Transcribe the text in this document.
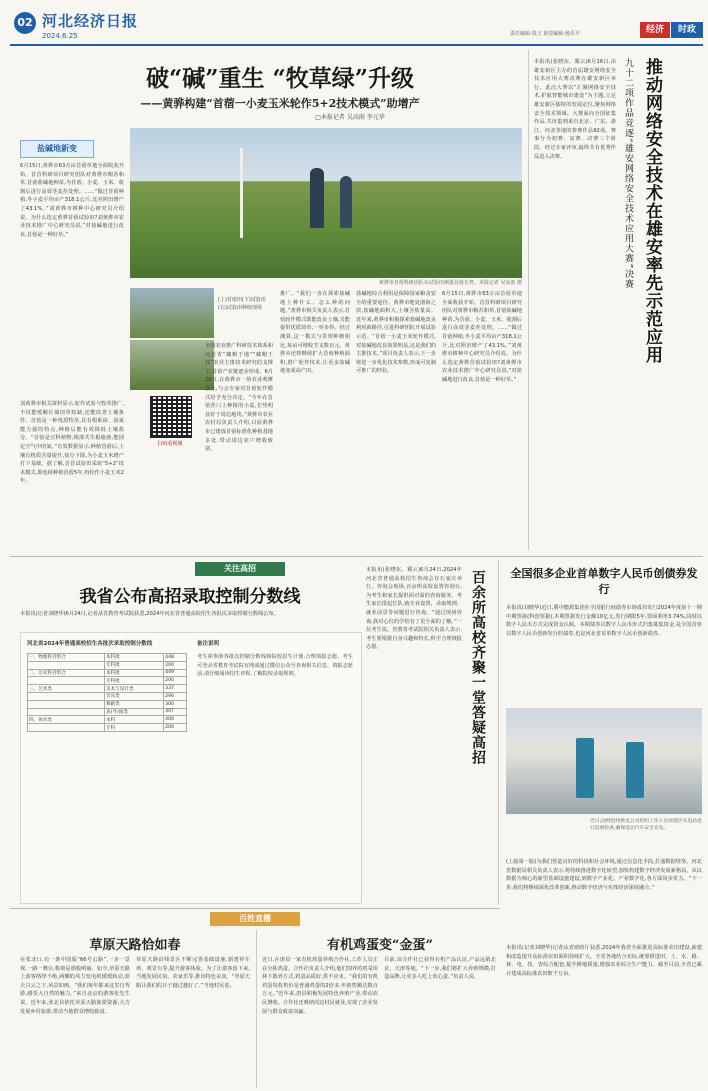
02 河北经济日报
2024.6.25	责任编辑:钱玉 视觉编辑:杨乐平	经济	时政
破“碱”重生 “牧草绿”升级
——黄骅构建“首蓿一小麦玉米轮作5+2技术模式”助增产
□本报记者 吴高雨 李元华
盐碱地新变
6月15日,黄骅市63万亩苜蓿草地全面收获开始。首苜科研项目研究团队对黄骅市粮苏和草,苜蓿盐碱地种苗,为苜蓿、小麦、玉米、收割后进行高效茎麦茬处理。……“做过苜蓿种植,冬小麦平均亩产318.1公斤,比对照田增产了43.1%。”刘黄骅市耕种中心研究员介绍说。为什么选定黄骅苜蓿试验田?刘黄骅市农业技术推广中心研究员说,“对盐碱地进行改良,苜蓿是一种好草。”
黄骅市苜蓿科研团队在试验田测量苜蓿长势。本报记者 吴高雨 摄
刘黄骅市相关资料显示,轮作试验与牧草推广,不仅能缓解区域饲草短缺,还能改善土壤条件。首蓿是一种优质牧草,具有根系深、固氮能力强的特点,种植后能有效降低土壤盐分。“苜蓿是豆科植物,根部共生根瘤菌,能固定空气中的氮。”有效数据显示,种植苜蓿后,土壤有机质含量提升,盐分下降,为小麦玉米增产打下基础。据了解,首苜试验田采取“5+2”技术模式,即连续种植苜蓿5年,再轮作小麦玉米2年。
(上)苜蓿田(下)试验田
(右)试验田种植现场
扫码看视频
全国农业推广科研技术体系和河北省“藏粮于地”“藏粮于技”农业主推技术研究的支撑下,苜蓿产业链逐步形成。6月20日,在黄骅市一场农业观摩会上,与会专家对苜蓿轮作模式给予充分肯定。“今年在苜蓿茬口上种植的小麦,长势明显好于周边地块。”黄骅市农业农村局负责人介绍,目前黄骅市已建成苜蓿标准化种植基地多处,带动周边农户增收致富。
推广。“我们一直在探索盐碱地上种什么、怎么种的问题。”黄骅市相关负责人表示,苜蓿轮作模式既能改良土壤,又能提供优质饲草,一举多得。经过测算,这一模式与常规种植相比,每亩可增收节支数百元。黄骅市还将继续扩大苜蓿种植面积,推广轮作技术,让更多盐碱地变成高产田。
盐碱地综合利用是保障国家粮食安全的重要途径。黄骅市地处渤海之滨,盐碱地面积大,土壤含盐量高。近年来,黄骅市积极探索盐碱地改良利用新路径,引进科研团队开展试验示范。“苜蓿一小麦玉米轮作模式,对盐碱地改良效果明显,这是我们的主推技术。”项目负责人表示,下一步将进一步优化技术参数,形成可复制可推广的经验。
6月15日,黄骅市63万亩苜蓿草地全面收获开始。首苜科研项目研究团队对黄骅市粮苏和草,苜蓿盐碱地种苗,为苜蓿、小麦、玉米、收割后进行高效茎麦茬处理。……“做过苜蓿种植,冬小麦平均亩产318.1公斤,比对照田增产了43.1%。”刘黄骅市耕种中心研究员介绍说。为什么选定黄骅苜蓿试验田?刘黄骅市农业技术推广中心研究员说,“对盐碱地进行改良,苜蓿是一种好草。”
本报讯(张晓东、冀云)6月16日,由雄安新区主办的首届雄安网络安全技术应用大赛决赛在雄安新区举行。此次大赛以“汇聚网络安全技术,护航智能城市建设”为主题,立足雄安新区独特的发展定位,聚焦网络安全技术领域。大赛面向全国征集作品,共征集到来自北京、广东、浙江、河北等地的参赛作品92项。赛事分为初赛、复赛、决赛三个阶段。经过专家评审,最终共有优秀作品进入决赛。	九十二项作品竞逐“雄安网络安全技术应用大赛”决赛 推动网络安全技术在雄安率先示范应用
关注高招
我省公布高招录取控制分数线
本报讯(记者刘晓华)6月24日,记者从省教育考试院获悉,2024年河北省普通高校招生各批次录取控制分数线公布。
河北省2024年普通高校招生各批次录取控制分数线
一、物理科目组合	本科批	448
	专科批	200
二、历史科目组合	本科批	449
	专科批	200
三、艺术类	美术与设计类	337
	音乐类	290
	舞蹈类	300
	表(导)演类	307
四、体育类	本科	400
	专科	200
备注说明
考生须参照各批次控制分数线和院校招生计划,合理填报志愿。考生可登录省教育考试院官网或通过微信公众号查询相关信息。填报志愿前,请仔细阅读招生章程,了解院校录取规则。
本报讯(张晓东、冀云)6月24日,2024年河北省普通高校招生咨询会在石家庄举行。咨询会现场,百余所高校设置咨询台,为考生和家长提供面对面的咨询服务。考生家长排起长队,就专业设置、录取规则、就业前景等问题进行咨询。“通过现场咨询,我对心仪的学校有了更全面的了解。”一位考生说。省教育考试院相关负责人表示,考生要根据自身兴趣和特长,科学合理填报志愿。	百余所高校齐聚一堂答疑高招	全国很多企业首单数字人民币创债券发行
本报讯(刘晓华)近日,冀中能源集团在全国银行间债券市场成功发行2024年度第十一期中期票据(科创票据),本期票据发行金额10亿元,发行期限5年,票面利率3.74%,同时以数字人民币方式完成资金认购。本期债券以数字人民币形式归集募集资金,是全国首单以数字人民币创新发行的债券,也是河北省首单数字人民币创新债券。
近日,国网沧州供电公司组织工作人员对辖区充电站进行巡视检查,确保电动汽车安全充电。
(上接第一版)为我们营造良好的科技和社会环境,通过信息化手段,打通数据壁垒。河北省数据局相关负责人表示,将持续推进数字化转型,加快构建数字经济发展新格局。从以数据为核心的新型基础设施建设,到数字产业化、产业数字化,各方面同步发力。“下一步,我们将继续深化改革创新,推动数字经济与实体经济深度融合。”
百姓直播
草原天路恰如春
在张北口,有一条中国版“66号公路”,一步一景观,一路一舞台,称境是那般明丽。如今,草原天路上游客络绎不绝,两侧的风力发电机缓缓转动,蓝天白云之下,风景如画。“我们每年都来这里自驾游,感受大自然的魅力。”来自北京的游客张先生说。近年来,张北县依托草原天路旅游资源,大力发展乡村旅游,带动当地群众增收致富。
草原天路沿线景区不断完善基础设施,新建停车场、观景台等,提升游客体验。为了让游客留下来,当地发展民宿、农家乐等,推出特色美食。“草原天路让我们的日子越过越好了。”当地村民说。
有机鸡蛋变“金蛋”
近日,在唐县一家有机鸡蛋养殖合作社,工作人员正在分拣鸡蛋。合作社负责人介绍,他们饲养的鸡采用林下散养方式,鸡蛋品质好,供不应求。“我们的有机鸡蛋每枚售价是普通鸡蛋的2倍多,年销售额达数百万元。”近年来,唐县积极发展特色养殖产业,带动农民增收。合作社还吸纳周边村民就业,实现了企业发展与群众致富双赢。
目前,该合作社已获得有机产品认证,产品远销北京、天津等地。“下一步,我们将扩大养殖规模,打造品牌,让更多人吃上放心蛋。”负责人说。
本报讯(记者刘晓华)记者从省财政厅获悉,2024年我省全面推进高标准农田建设,新建和改造提升高标准农田面积持续扩大。全省各地结合实际,统筹推进田、土、水、路、林、电、技、管综合配套,提升耕地质量,增强农业综合生产能力。截至目前,全省已累计建成高标准农田数千万亩。
